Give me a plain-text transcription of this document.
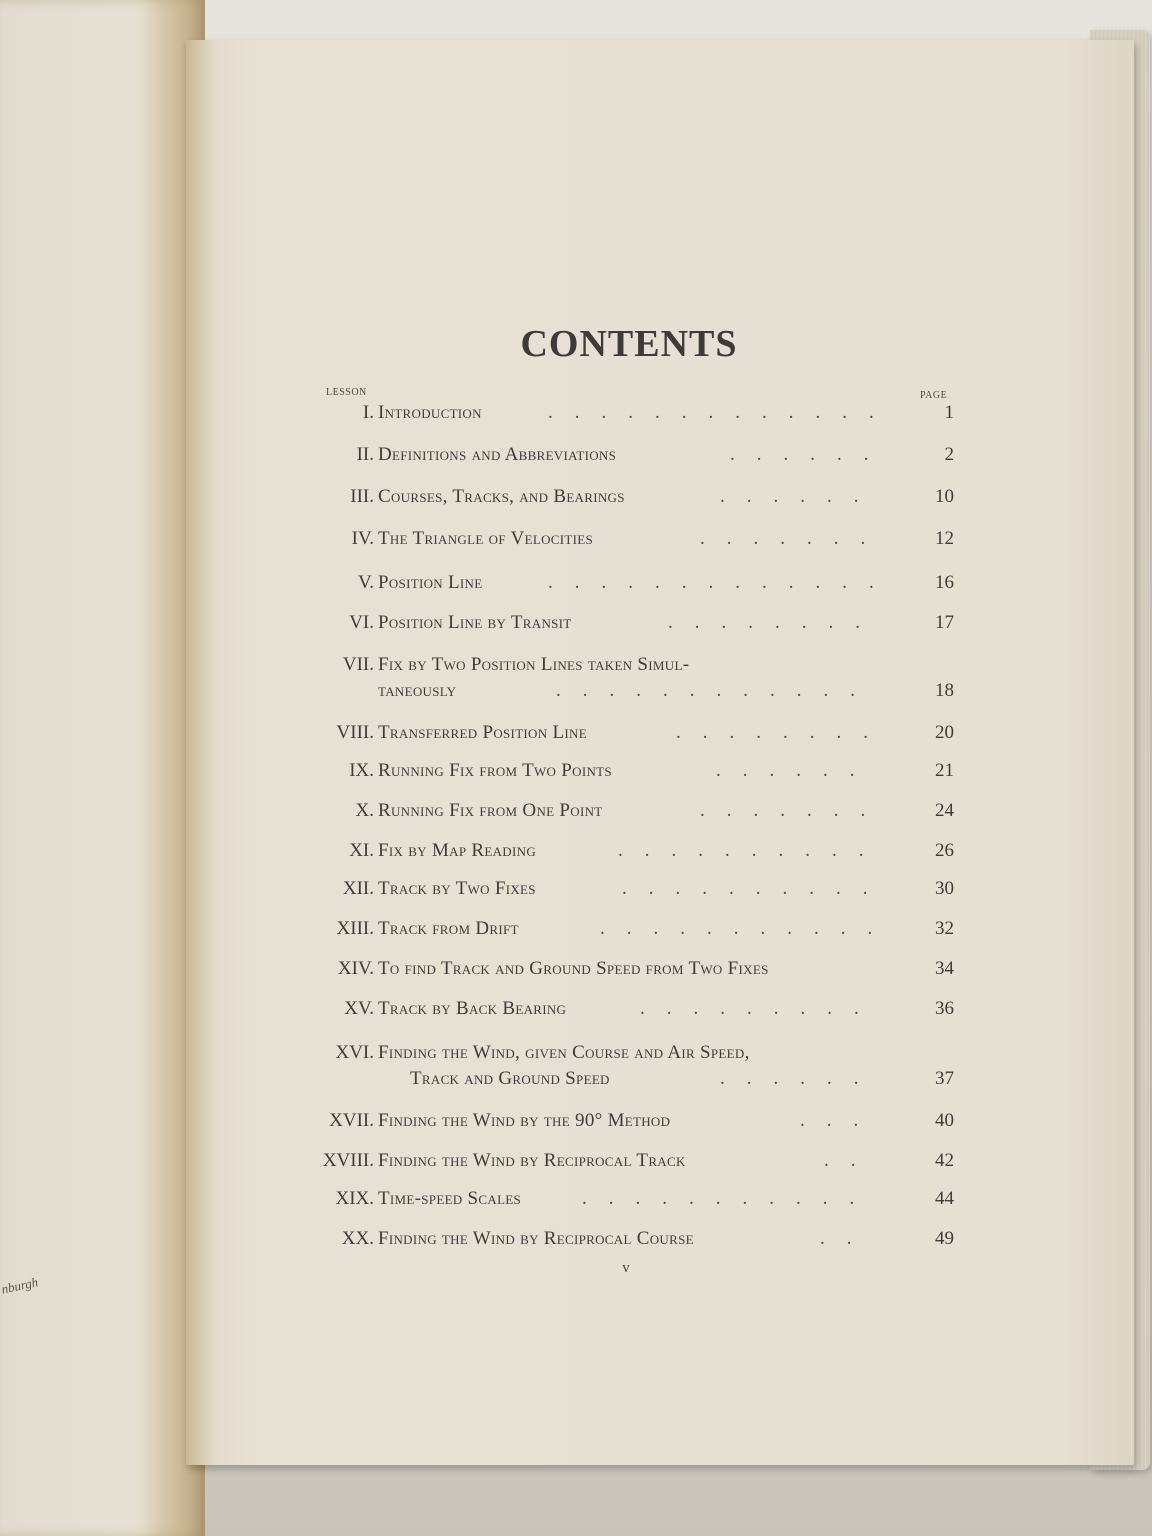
nburgh
CONTENTS
LESSON	PAGE
I. Introduction	.............	1
II. Definitions and Abbreviations	......	2
III. Courses, Tracks, and Bearings	......	10
IV. The Triangle of Velocities	.......	12
V. Position Line	............. 16
VI. Position Line by Transit	........	17
VII. Fix by Two Position Lines taken Simul-
taneously	............	18
VIII. Transferred Position Line	........ 20
IX. Running Fix from Two Points	......	21
X. Running Fix from One Point	.......	24
XI. Fix by Map Reading	..........	26
XII. Track by Two Fixes	.......... 30
XIII. Track from Drift	........... 32
XIV. To find Track and Ground Speed from Two Fixes	34
XV. Track by Back Bearing	.........	36
XVI. Finding the Wind, given Course and Air Speed,
Track and Ground Speed	......	37
XVII. Finding the Wind by the 90° Method	...	40
XVIII. Finding the Wind by Reciprocal Track	..	42
XIX. Time-speed Scales	...........	44
XX. Finding the Wind by Reciprocal Course	..	49
v
